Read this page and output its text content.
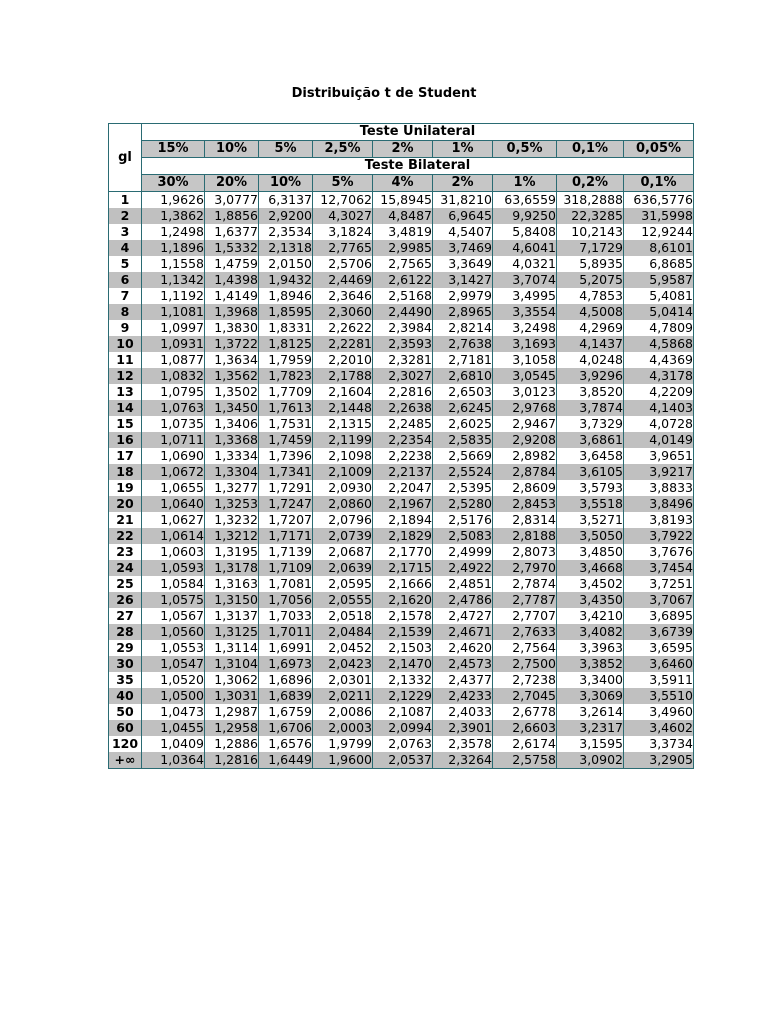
Distribuição t de Student
gl	Teste Unilateral								
	15%	10%	5%	2,5%	2%	1%	0,5%	0,1%	0,05%
	Teste Bilateral								
	30%	20%	10%	5%	4%	2%	1%	0,2%	0,1%
1	1,9626	3,0777	6,3137	12,7062	15,8945	31,8210	63,6559	318,2888	636,5776
2	1,3862	1,8856	2,9200	4,3027	4,8487	6,9645	9,9250	22,3285	31,5998
3	1,2498	1,6377	2,3534	3,1824	3,4819	4,5407	5,8408	10,2143	12,9244
4	1,1896	1,5332	2,1318	2,7765	2,9985	3,7469	4,6041	7,1729	8,6101
5	1,1558	1,4759	2,0150	2,5706	2,7565	3,3649	4,0321	5,8935	6,8685
6	1,1342	1,4398	1,9432	2,4469	2,6122	3,1427	3,7074	5,2075	5,9587
7	1,1192	1,4149	1,8946	2,3646	2,5168	2,9979	3,4995	4,7853	5,4081
8	1,1081	1,3968	1,8595	2,3060	2,4490	2,8965	3,3554	4,5008	5,0414
9	1,0997	1,3830	1,8331	2,2622	2,3984	2,8214	3,2498	4,2969	4,7809
10	1,0931	1,3722	1,8125	2,2281	2,3593	2,7638	3,1693	4,1437	4,5868
11	1,0877	1,3634	1,7959	2,2010	2,3281	2,7181	3,1058	4,0248	4,4369
12	1,0832	1,3562	1,7823	2,1788	2,3027	2,6810	3,0545	3,9296	4,3178
13	1,0795	1,3502	1,7709	2,1604	2,2816	2,6503	3,0123	3,8520	4,2209
14	1,0763	1,3450	1,7613	2,1448	2,2638	2,6245	2,9768	3,7874	4,1403
15	1,0735	1,3406	1,7531	2,1315	2,2485	2,6025	2,9467	3,7329	4,0728
16	1,0711	1,3368	1,7459	2,1199	2,2354	2,5835	2,9208	3,6861	4,0149
17	1,0690	1,3334	1,7396	2,1098	2,2238	2,5669	2,8982	3,6458	3,9651
18	1,0672	1,3304	1,7341	2,1009	2,2137	2,5524	2,8784	3,6105	3,9217
19	1,0655	1,3277	1,7291	2,0930	2,2047	2,5395	2,8609	3,5793	3,8833
20	1,0640	1,3253	1,7247	2,0860	2,1967	2,5280	2,8453	3,5518	3,8496
21	1,0627	1,3232	1,7207	2,0796	2,1894	2,5176	2,8314	3,5271	3,8193
22	1,0614	1,3212	1,7171	2,0739	2,1829	2,5083	2,8188	3,5050	3,7922
23	1,0603	1,3195	1,7139	2,0687	2,1770	2,4999	2,8073	3,4850	3,7676
24	1,0593	1,3178	1,7109	2,0639	2,1715	2,4922	2,7970	3,4668	3,7454
25	1,0584	1,3163	1,7081	2,0595	2,1666	2,4851	2,7874	3,4502	3,7251
26	1,0575	1,3150	1,7056	2,0555	2,1620	2,4786	2,7787	3,4350	3,7067
27	1,0567	1,3137	1,7033	2,0518	2,1578	2,4727	2,7707	3,4210	3,6895
28	1,0560	1,3125	1,7011	2,0484	2,1539	2,4671	2,7633	3,4082	3,6739
29	1,0553	1,3114	1,6991	2,0452	2,1503	2,4620	2,7564	3,3963	3,6595
30	1,0547	1,3104	1,6973	2,0423	2,1470	2,4573	2,7500	3,3852	3,6460
35	1,0520	1,3062	1,6896	2,0301	2,1332	2,4377	2,7238	3,3400	3,5911
40	1,0500	1,3031	1,6839	2,0211	2,1229	2,4233	2,7045	3,3069	3,5510
50	1,0473	1,2987	1,6759	2,0086	2,1087	2,4033	2,6778	3,2614	3,4960
60	1,0455	1,2958	1,6706	2,0003	2,0994	2,3901	2,6603	3,2317	3,4602
120	1,0409	1,2886	1,6576	1,9799	2,0763	2,3578	2,6174	3,1595	3,3734
+∞	1,0364	1,2816	1,6449	1,9600	2,0537	2,3264	2,5758	3,0902	3,2905
